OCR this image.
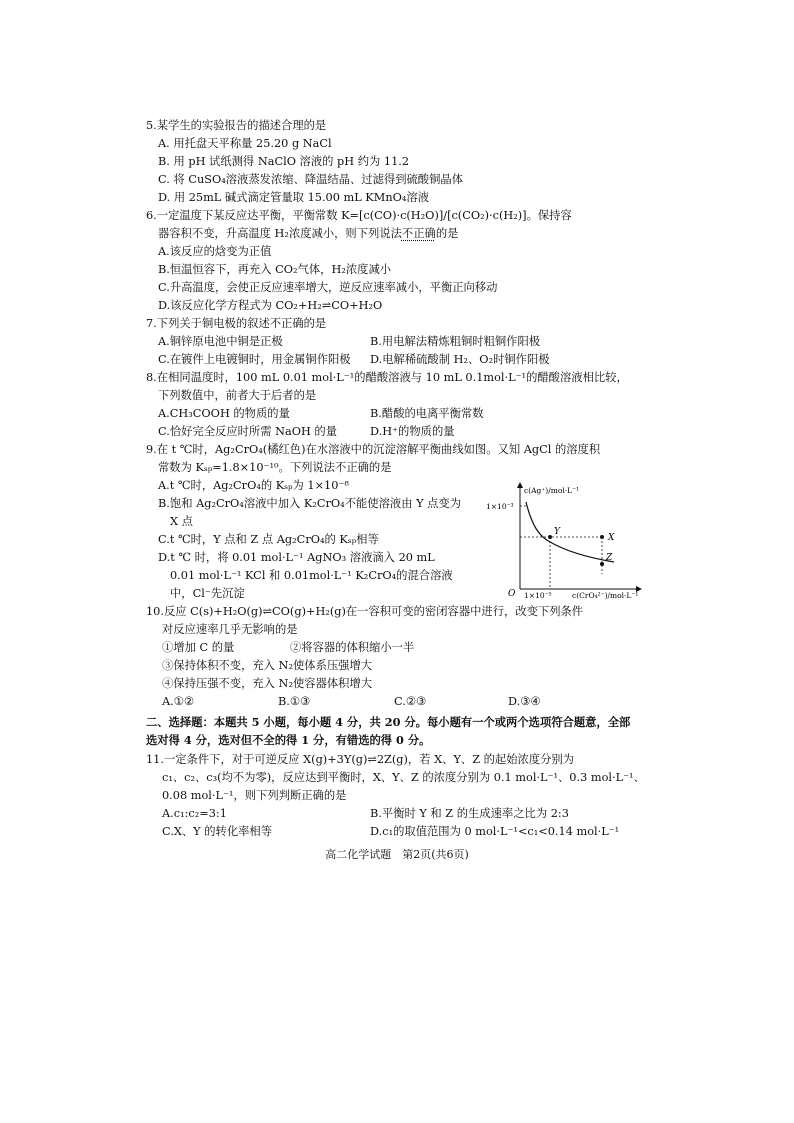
5.某学生的实验报告的描述合理的是
A. 用托盘天平称量 25.20 g NaCl
B. 用 pH 试纸测得 NaClO 溶液的 pH 约为 11.2
C. 将 CuSO₄溶液蒸发浓缩、降温结晶、过滤得到硫酸铜晶体
D. 用 25mL 碱式滴定管量取 15.00 mL KMnO₄溶液
6.一定温度下某反应达平衡，平衡常数 K=[c(CO)·c(H₂O)]/[c(CO₂)·c(H₂)]。保持容
器容积不变，升高温度 H₂浓度减小，则下列说法不正确的是
A.该反应的焓变为正值
B.恒温恒容下，再充入 CO₂气体，H₂浓度减小
C.升高温度，会使正反应速率增大，逆反应速率减小，平衡正向移动
D.该反应化学方程式为 CO₂+H₂⇌CO+H₂O
7.下列关于铜电极的叙述不正确的是
A.铜锌原电池中铜是正极	B.用电解法精炼粗铜时粗铜作阳极
C.在镀件上电镀铜时，用金属铜作阳极 D.电解稀硫酸制 H₂、O₂时铜作阳极
8.在相同温度时，100 mL 0.01 mol·L⁻¹的醋酸溶液与 10 mL 0.1mol·L⁻¹的醋酸溶液相比较，
下列数值中，前者大于后者的是
A.CH₃COOH 的物质的量	B.醋酸的电离平衡常数
C.恰好完全反应时所需 NaOH 的量	D.H⁺的物质的量
9.在 t ℃时，Ag₂CrO₄(橘红色)在水溶液中的沉淀溶解平衡曲线如图。又知 AgCl 的溶度积
常数为 Kₛₚ=1.8×10⁻¹⁰。下列说法不正确的是
A.t ℃时，Ag₂CrO₄的 Kₛₚ为 1×10⁻⁸
B.饱和 Ag₂CrO₄溶液中加入 K₂CrO₄不能使溶液由 Y 点变为
X 点
C.t ℃时，Y 点和 Z 点 Ag₂CrO₄的 Kₛₚ相等
D.t ℃ 时，将 0.01 mol·L⁻¹ AgNO₃ 溶液滴入 20 mL
0.01 mol·L⁻¹ KCl 和 0.01mol·L⁻¹ K₂CrO₄的混合溶液
中，Cl⁻先沉淀
Y
X
Z
c(Ag⁺)/mol·L⁻¹
c(CrO₄²⁻)/mol·L⁻¹
1×10⁻³
1×10⁻⁵
O
10.反应 C(s)+H₂O(g)⇌CO(g)+H₂(g)在一容积可变的密闭容器中进行，改变下列条件
对反应速率几乎无影响的是
①增加 C 的量	②将容器的体积缩小一半
③保持体积不变，充入 N₂使体系压强增大
④保持压强不变，充入 N₂使容器体积增大
A.①②	B.①③	C.②③	D.③④
二、选择题：本题共 5 小题，每小题 4 分，共 20 分。每小题有一个或两个选项符合题意，全部
选对得 4 分，选对但不全的得 1 分，有错选的得 0 分。
11.一定条件下，对于可逆反应 X(g)+3Y(g)⇌2Z(g)，若 X、Y、Z 的起始浓度分别为
c₁、c₂、c₃(均不为零)，反应达到平衡时，X、Y、Z 的浓度分别为 0.1 mol·L⁻¹、0.3 mol·L⁻¹、
0.08 mol·L⁻¹，则下列判断正确的是
A.c₁:c₂=3:1	B.平衡时 Y 和 Z 的生成速率之比为 2:3
C.X、Y 的转化率相等	D.c₁的取值范围为 0 mol·L⁻¹<c₁<0.14 mol·L⁻¹
高二化学试题　第2页(共6页)
